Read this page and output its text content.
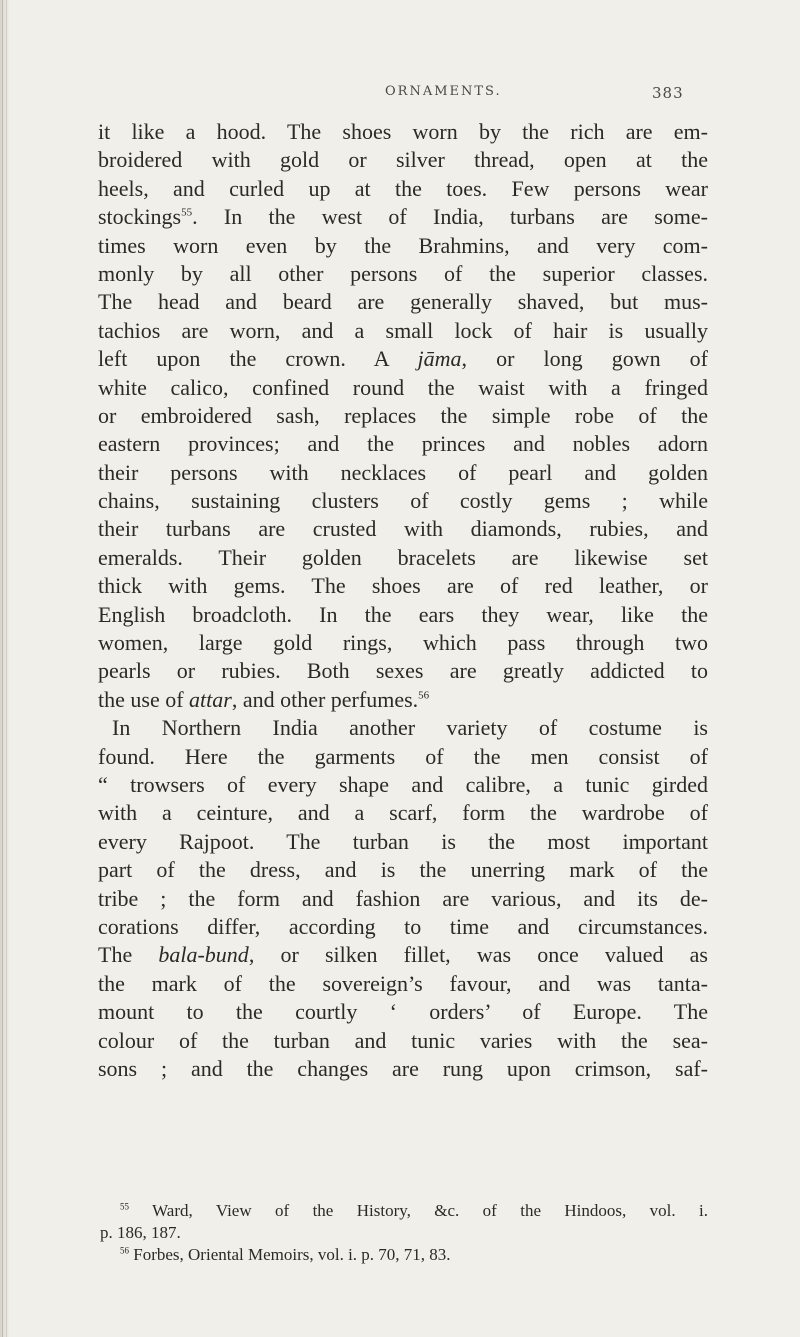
ORNAMENTS.	383
it like a hood. The shoes worn by the rich are em-
broidered with gold or silver thread, open at the
heels, and curled up at the toes. Few persons wear
stockings$^{55}$. In the west of India, turbans are some-
times worn even by the Brahmins, and very com-
monly by all other persons of the superior classes.
The head and beard are generally shaved, but mus-
tachios are worn, and a small lock of hair is usually
left upon the crown. A jāma, or long gown of
white calico, confined round the waist with a fringed
or embroidered sash, replaces the simple robe of the
eastern provinces; and the princes and nobles adorn
their persons with necklaces of pearl and golden
chains, sustaining clusters of costly gems ; while
their turbans are crusted with diamonds, rubies, and
emeralds. Their golden bracelets are likewise set
thick with gems. The shoes are of red leather, or
English broadcloth. In the ears they wear, like the
women, large gold rings, which pass through two
pearls or rubies. Both sexes are greatly addicted to
the use of attar, and other perfumes.$^{56}$
In Northern India another variety of costume is
found. Here the garments of the men consist of
“ trowsers of every shape and calibre, a tunic girded
with a ceinture, and a scarf, form the wardrobe of
every Rajpoot. The turban is the most important
part of the dress, and is the unerring mark of the
tribe ; the form and fashion are various, and its de-
corations differ, according to time and circumstances.
The bala-bund, or silken fillet, was once valued as
the mark of the sovereign’s favour, and was tanta-
mount to the courtly ‘ orders’ of Europe. The
colour of the turban and tunic varies with the sea-
sons ; and the changes are rung upon crimson, saf-
$^{55}$ Ward, View of the History, &c. of the Hindoos, vol. i.
p. 186, 187.
$^{56}$ Forbes, Oriental Memoirs, vol. i. p. 70, 71, 83.
